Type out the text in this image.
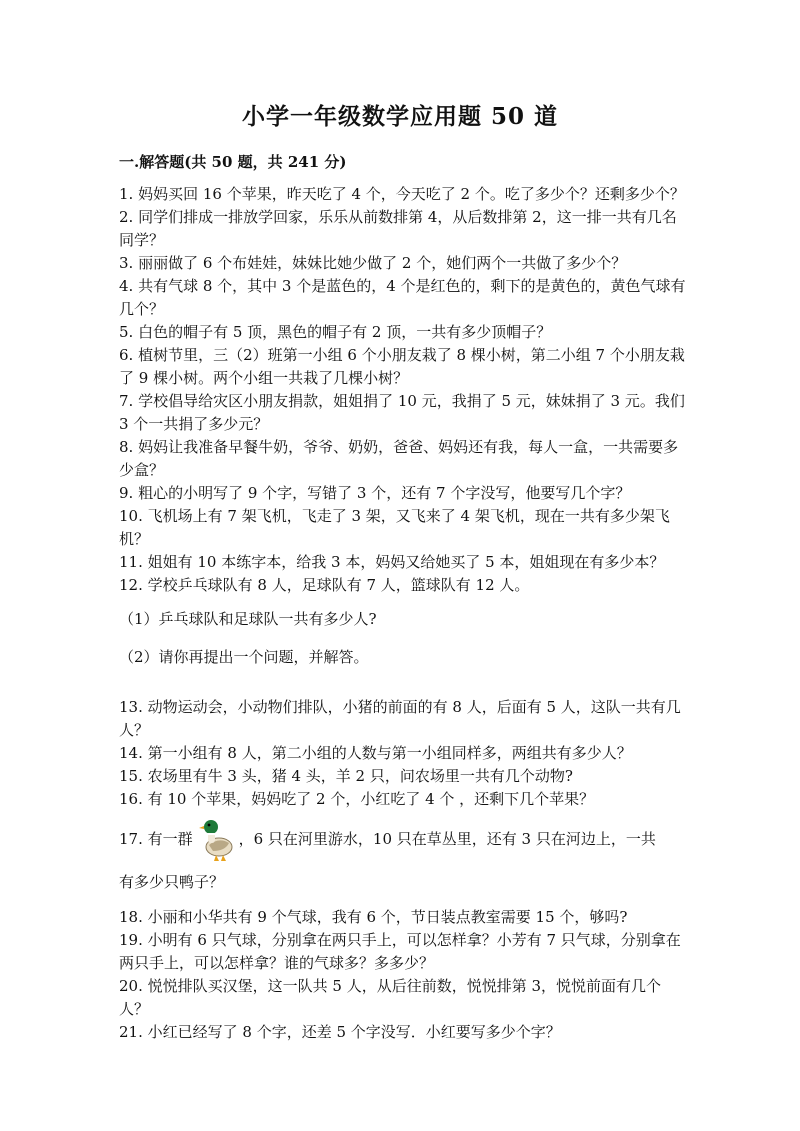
小学一年级数学应用题 50 道
一.解答题(共 50 题，共 241 分)

1. 妈妈买回 16 个苹果，昨天吃了 4 个，今天吃了 2 个。吃了多少个？还剩多少个？

2. 同学们排成一排放学回家，乐乐从前数排第 4，从后数排第 2，这一排一共有几名同学？

3. 丽丽做了 6 个布娃娃，妹妹比她少做了 2 个，她们两个一共做了多少个？

4. 共有气球 8 个，其中 3 个是蓝色的，4 个是红色的，剩下的是黄色的，黄色气球有几个？

5. 白色的帽子有 5 顶，黑色的帽子有 2 顶，一共有多少顶帽子？

6. 植树节里，三（2）班第一小组 6 个小朋友栽了 8 棵小树，第二小组 7 个小朋友栽了 9 棵小树。两个小组一共栽了几棵小树？

7. 学校倡导给灾区小朋友捐款，姐姐捐了 10 元，我捐了 5 元，妹妹捐了 3 元。我们 3 个一共捐了多少元？

8. 妈妈让我准备早餐牛奶，爷爷、奶奶，爸爸、妈妈还有我，每人一盒，一共需要多少盒？

9. 粗心的小明写了 9 个字，写错了 3 个，还有 7 个字没写，他要写几个字？

10. 飞机场上有 7 架飞机，飞走了 3 架，又飞来了 4 架飞机，现在一共有多少架飞机？

11. 姐姐有 10 本练字本，给我 3 本，妈妈又给她买了 5 本，姐姐现在有多少本？

12. 学校乒乓球队有 8 人，足球队有 7 人，篮球队有 12 人。

（1）乒乓球队和足球队一共有多少人?

（2）请你再提出一个问题，并解答。

13. 动物运动会，小动物们排队，小猪的前面的有 8 人，后面有 5 人，这队一共有几人？

14. 第一小组有 8 人，第二小组的人数与第一小组同样多，两组共有多少人？

15. 农场里有牛 3 头，猪 4 头，羊 2 只，问农场里一共有几个动物?

16. 有 10 个苹果，妈妈吃了 2 个，小红吃了 4 个 ，还剩下几个苹果？

17. 有一群	，6 只在河里游水，10 只在草丛里，还有 3 只在河边上，一共

有多少只鸭子？

18. 小丽和小华共有 9 个气球，我有 6 个，节日装点教室需要 15 个，够吗?

19. 小明有 6 只气球，分别拿在两只手上，可以怎样拿？小芳有 7 只气球，分别拿在两只手上，可以怎样拿？谁的气球多？多多少？

20. 悦悦排队买汉堡，这一队共 5 人，从后往前数，悦悦排第 3，悦悦前面有几个人？

21. 小红已经写了 8 个字，还差 5 个字没写．小红要写多少个字？
